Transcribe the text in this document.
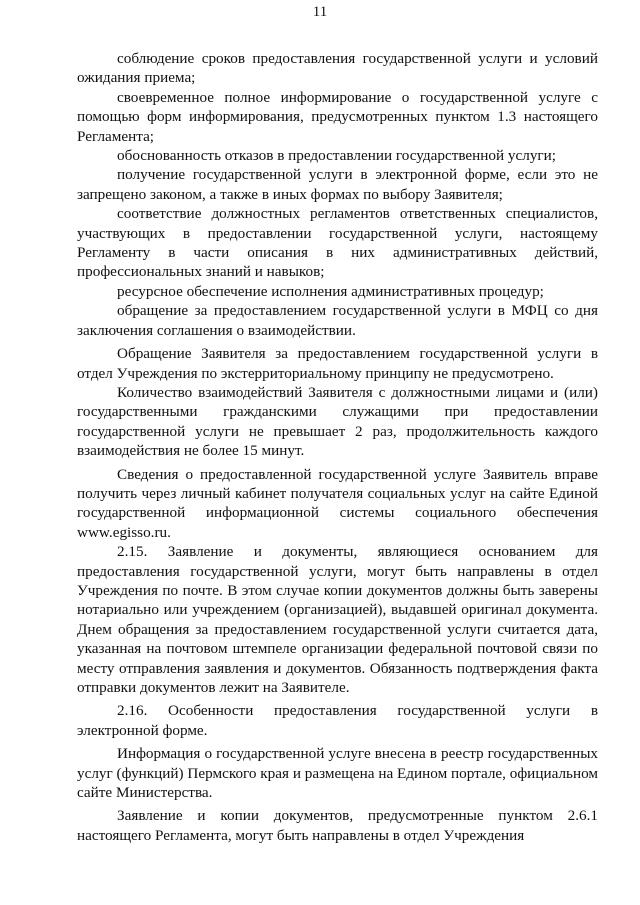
11

соблюдение сроков предоставления государственной услуги и условий ожидания приема;

своевременное полное информирование о государственной услуге с помощью форм информирования, предусмотренных пунктом 1.3 настоящего Регламента;

обоснованность отказов в предоставлении государственной услуги;

получение государственной услуги в электронной форме, если это не запрещено законом, а также в иных формах по выбору Заявителя;

соответствие должностных регламентов ответственных специалистов, участвующих в предоставлении государственной услуги, настоящему Регламенту в части описания в них административных действий, профессиональных знаний и навыков;

ресурсное обеспечение исполнения административных процедур;

обращение за предоставлением государственной услуги в МФЦ со дня заключения соглашения о взаимодействии.

Обращение Заявителя за предоставлением государственной услуги в отдел Учреждения по экстерриториальному принципу не предусмотрено.

Количество взаимодействий Заявителя с должностными лицами и (или) государственными гражданскими служащими при предоставлении государственной услуги не превышает 2 раз, продолжительность каждого взаимодействия не более 15 минут.

Сведения о предоставленной государственной услуге Заявитель вправе получить через личный кабинет получателя социальных услуг на сайте Единой государственной информационной системы социального обеспечения www.egisso.ru.

2.15. Заявление и документы, являющиеся основанием для предоставления государственной услуги, могут быть направлены в отдел Учреждения по почте. В этом случае копии документов должны быть заверены нотариально или учреждением (организацией), выдавшей оригинал документа. Днем обращения за предоставлением государственной услуги считается дата, указанная на почтовом штемпеле организации федеральной почтовой связи по месту отправления заявления и документов. Обязанность подтверждения факта отправки документов лежит на Заявителе.

2.16. Особенности предоставления государственной услуги в электронной форме.

Информация о государственной услуге внесена в реестр государственных услуг (функций) Пермского края и размещена на Едином портале, официальном сайте Министерства.

Заявление и копии документов, предусмотренные пунктом 2.6.1 настоящего Регламента, могут быть направлены в отдел Учреждения
